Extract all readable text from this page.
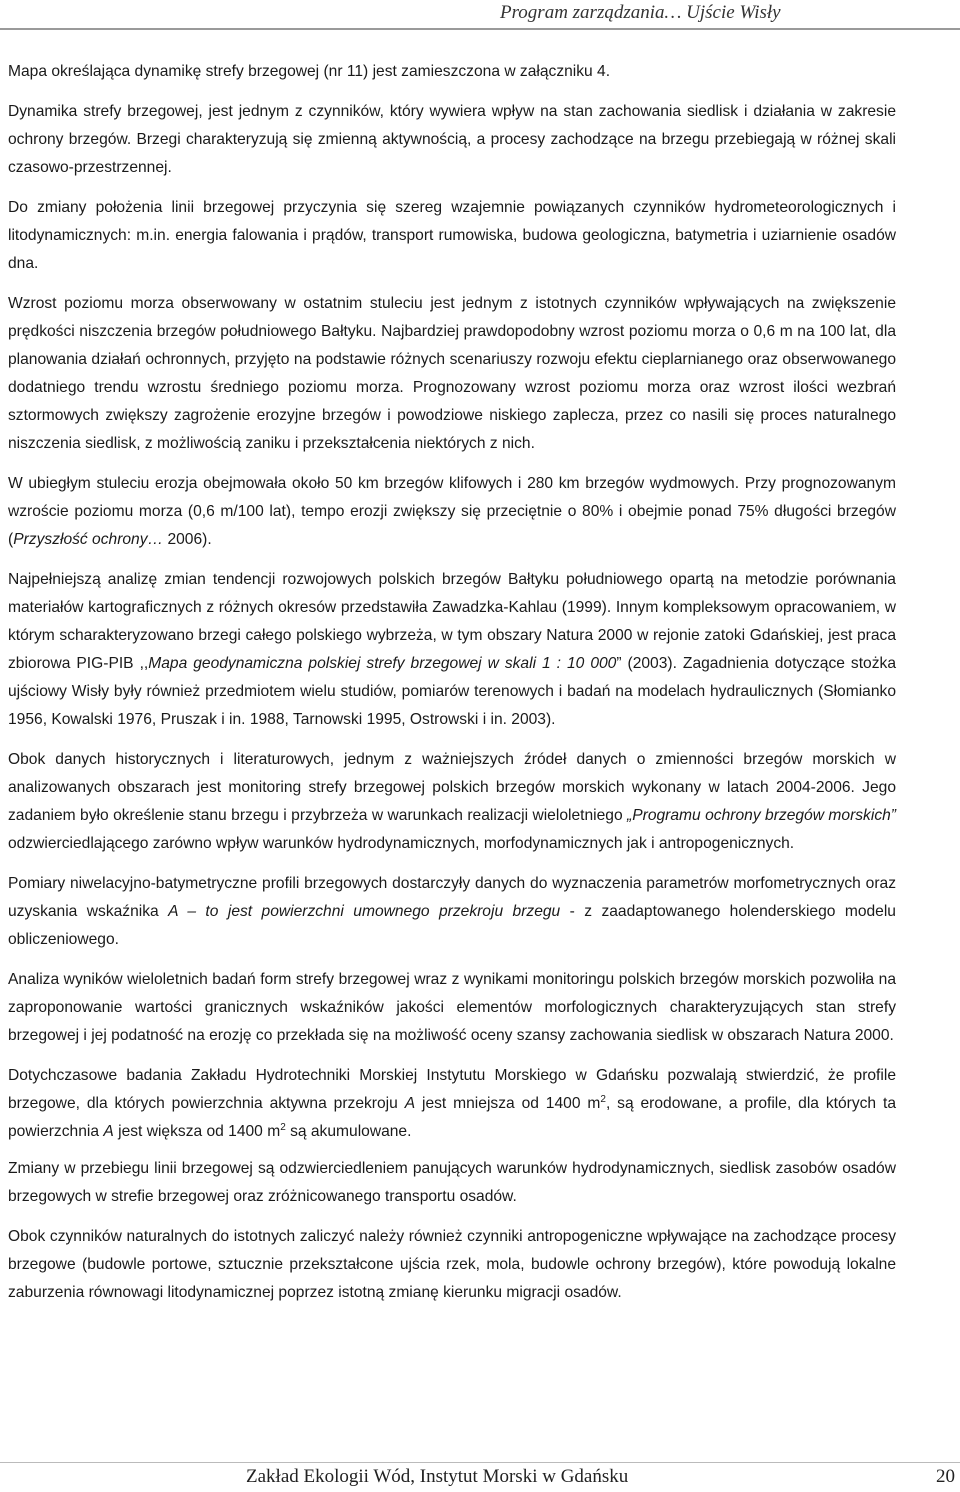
Program zarządzania… Ujście Wisły

Mapa określająca dynamikę strefy brzegowej (nr 11) jest zamieszczona w załączniku 4.

Dynamika strefy brzegowej, jest jednym z czynników, który wywiera wpływ na stan zachowania siedlisk i działania w zakresie ochrony brzegów. Brzegi charakteryzują się zmienną aktywnością, a procesy zachodzące na brzegu przebiegają w różnej skali czasowo-przestrzennej.

Do zmiany położenia linii brzegowej przyczynia się szereg wzajemnie powiązanych czynników hydrometeorologicznych i litodynamicznych: m.in. energia falowania i prądów, transport rumowiska, budowa geologiczna, batymetria i uziarnienie osadów dna.

Wzrost poziomu morza obserwowany w ostatnim stuleciu jest jednym z istotnych czynników wpływających na zwiększenie prędkości niszczenia brzegów południowego Bałtyku. Najbardziej prawdopodobny wzrost poziomu morza o 0,6 m na 100 lat, dla planowania działań ochronnych, przyjęto na podstawie różnych scenariuszy rozwoju efektu cieplarnianego oraz obserwowanego dodatniego trendu wzrostu średniego poziomu morza. Prognozowany wzrost poziomu morza oraz wzrost ilości wezbrań sztormowych zwiększy zagrożenie erozyjne brzegów i powodziowe niskiego zaplecza, przez co nasili się proces naturalnego niszczenia siedlisk, z możliwością zaniku i przekształcenia niektórych z nich.

W ubiegłym stuleciu erozja obejmowała około 50 km brzegów klifowych i 280 km brzegów wydmowych. Przy prognozowanym wzroście poziomu morza (0,6 m/100 lat), tempo erozji zwiększy się przeciętnie o 80% i obejmie ponad 75% długości brzegów (Przyszłość ochrony… 2006).

Najpełniejszą analizę zmian tendencji rozwojowych polskich brzegów Bałtyku południowego opartą na metodzie porównania materiałów kartograficznych z różnych okresów przedstawiła Zawadzka-Kahlau (1999). Innym kompleksowym opracowaniem, w którym scharakteryzowano brzegi całego polskiego wybrzeża, w tym obszary Natura 2000 w rejonie zatoki Gdańskiej, jest praca zbiorowa PIG-PIB ,,Mapa geodynamiczna polskiej strefy brzegowej w skali 1 : 10 000” (2003). Zagadnienia dotyczące stożka ujściowy Wisły były również przedmiotem wielu studiów, pomiarów terenowych i badań na modelach hydraulicznych (Słomianko 1956, Kowalski 1976, Pruszak i in. 1988, Tarnowski 1995, Ostrowski i in. 2003).

Obok danych historycznych i literaturowych, jednym z ważniejszych źródeł danych o zmienności brzegów morskich w analizowanych obszarach jest monitoring strefy brzegowej polskich brzegów morskich wykonany w latach 2004-2006. Jego zadaniem było określenie stanu brzegu i przybrzeża w warunkach realizacji wieloletniego „Programu ochrony brzegów morskich” odzwierciedlającego zarówno wpływ warunków hydrodynamicznych, morfodynamicznych jak i antropogenicznych.

Pomiary niwelacyjno-batymetryczne profili brzegowych dostarczyły danych do wyznaczenia parametrów morfometrycznych oraz uzyskania wskaźnika A – to jest powierzchni umownego przekroju brzegu - z zaadaptowanego holenderskiego modelu obliczeniowego.

Analiza wyników wieloletnich badań form strefy brzegowej wraz z wynikami monitoringu polskich brzegów morskich pozwoliła na zaproponowanie wartości granicznych wskaźników jakości elementów morfologicznych charakteryzujących stan strefy brzegowej i jej podatność na erozję co przekłada się na możliwość oceny szansy zachowania siedlisk w obszarach Natura 2000.

Dotychczasowe badania Zakładu Hydrotechniki Morskiej Instytutu Morskiego w Gdańsku pozwalają stwierdzić, że profile brzegowe, dla których powierzchnia aktywna przekroju A jest mniejsza od 1400 $m^2$, są erodowane, a profile, dla których ta powierzchnia A jest większa od 1400 $m^2$ są akumulowane.

Zmiany w przebiegu linii brzegowej są odzwierciedleniem panujących warunków hydrodynamicznych, siedlisk zasobów osadów brzegowych w strefie brzegowej oraz zróżnicowanego transportu osadów.

Obok czynników naturalnych do istotnych zaliczyć należy również czynniki antropogeniczne wpływające na zachodzące procesy brzegowe (budowle portowe, sztucznie przekształcone ujścia rzek, mola, budowle ochrony brzegów), które powodują lokalne zaburzenia równowagi litodynamicznej poprzez istotną zmianę kierunku migracji osadów.

Zakład Ekologii Wód, Instytut Morski w Gdańsku	20
